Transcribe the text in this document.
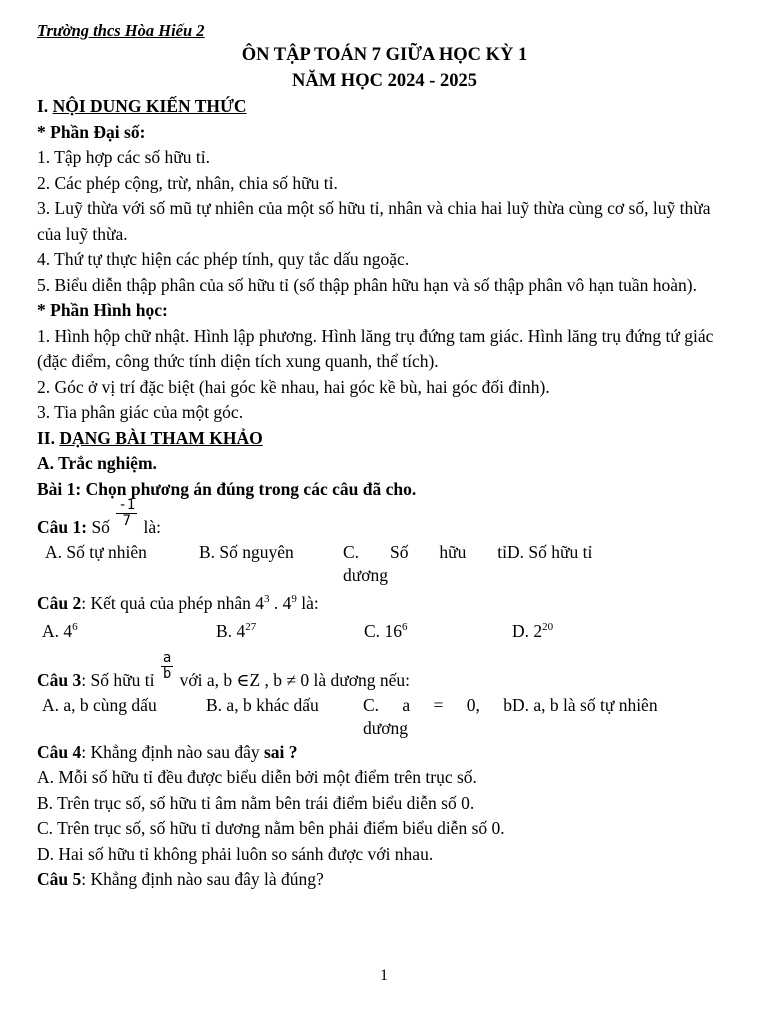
Trường thcs Hòa Hiếu 2
ÔN TẬP TOÁN 7 GIỮA HỌC KỲ 1
NĂM HỌC 2024 - 2025
I. NỘI DUNG KIẾN THỨC
* Phần Đại số:
1. Tập hợp các số hữu tỉ.
2. Các phép cộng, trừ, nhân, chia số hữu tỉ.
3. Luỹ thừa với số mũ tự nhiên của một số hữu tỉ, nhân và chia hai luỹ thừa cùng cơ số, luỹ thừa của luỹ thừa.
4. Thứ tự thực hiện các phép tính, quy tắc dấu ngoặc.
5. Biểu diễn thập phân của số hữu tỉ (số thập phân hữu hạn và số thập phân vô hạn tuần hoàn).
* Phần Hình học:
1. Hình hộp chữ nhật. Hình lập phương. Hình lăng trụ đứng tam giác. Hình lăng trụ đứng tứ giác (đặc điểm, công thức tính diện tích xung quanh, thể tích).
2. Góc ở vị trí đặc biệt (hai góc kề nhau, hai góc kề bù, hai góc đối đỉnh).
3. Tia phân giác của một góc.
II. DẠNG BÀI THAM KHẢO
A. Trắc nghiệm.
Bài 1: Chọn phương án đúng trong các câu đã cho.
Câu 1: Số $\frac{-1}{7}$ là:
A. Số tự nhiên	B. Số nguyên	C. Số hữu tỉ
dương
D. Số hữu tỉ
Câu 2: Kết quả của phép nhân $4^3$ . $4^9$ là:
A. $4^6$	B. $4^{27}$	C. $16^6$	D. $2^{20}$
Câu 3: Số hữu tỉ $\frac{a}{b}$ với a, b ∈Z , b ≠ 0 là dương nếu:
A. a, b cùng dấu	B. a, b khác dấu	C. a = 0, b
dương
D. a, b là số tự nhiên
Câu 4: Khẳng định nào sau đây sai ?
A. Mỗi số hữu tỉ đều được biểu diễn bởi một điểm trên trục số.
B. Trên trục số, số hữu tỉ âm nằm bên trái điểm biểu diễn số 0.
C. Trên trục số, số hữu tỉ dương nằm bên phải điểm biểu diễn số 0.
D. Hai số hữu tỉ không phải luôn so sánh được với nhau.
Câu 5: Khẳng định nào sau đây là đúng?
1
